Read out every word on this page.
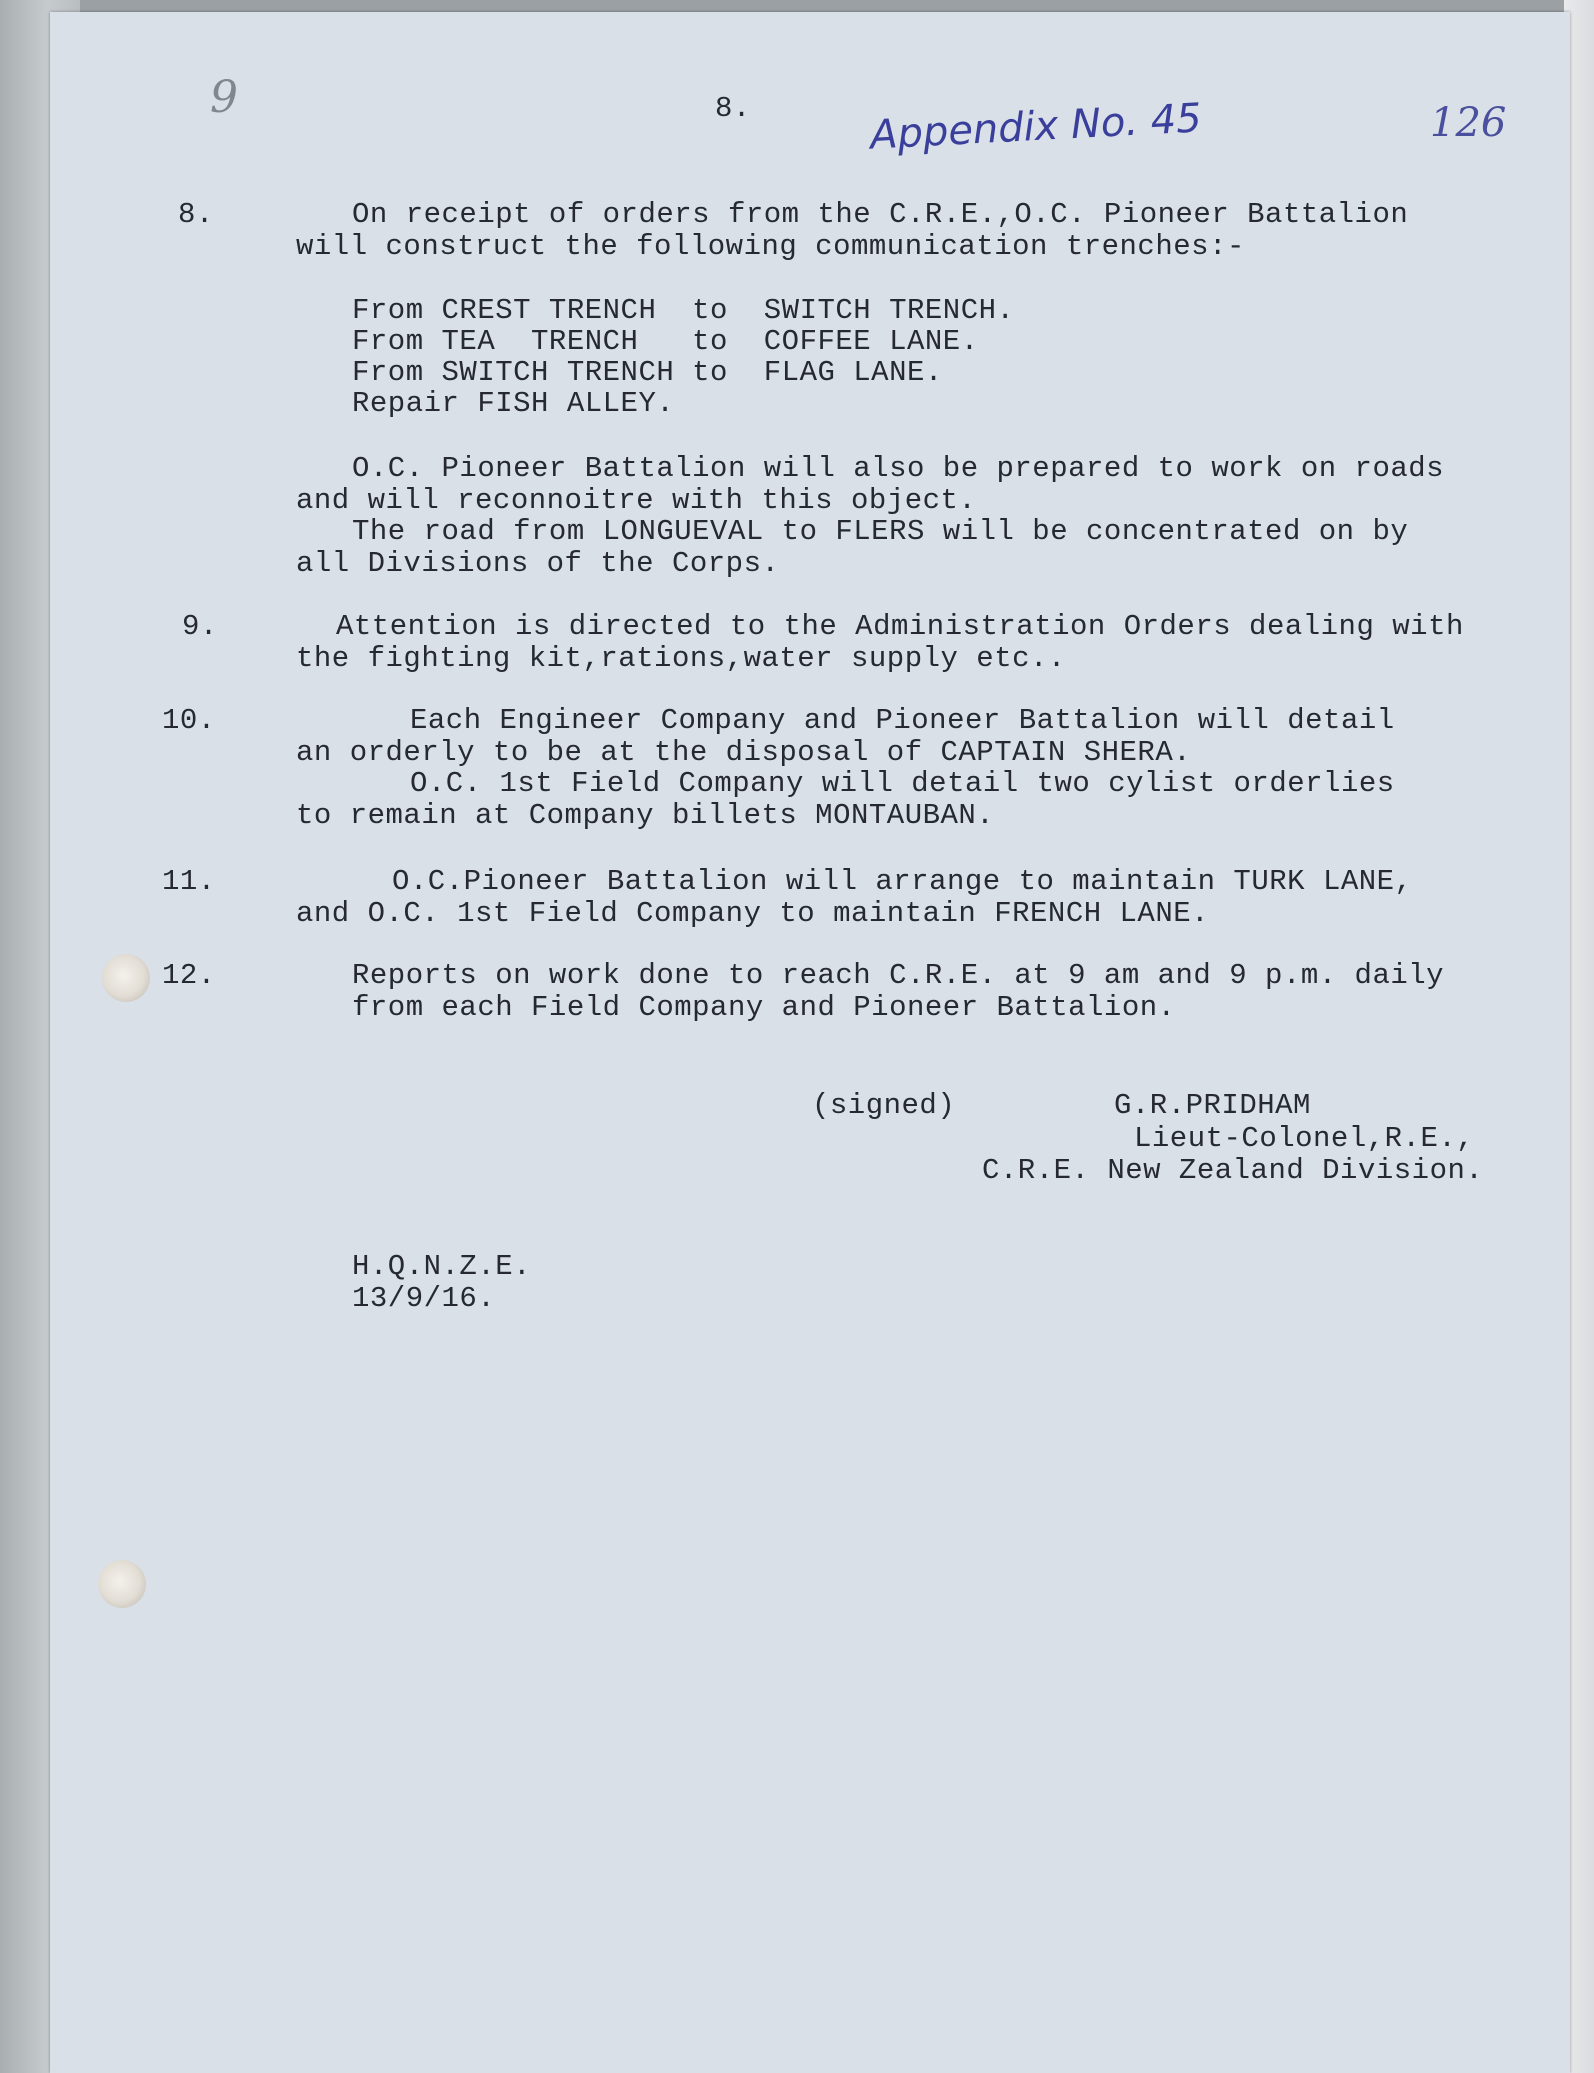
9	8.	Appendix No. 45	126
8.	On receipt of orders from the C.R.E.,O.C. Pioneer Battalion
will construct the following communication trenches:-
From CREST TRENCH  to  SWITCH TRENCH.
From TEA  TRENCH   to  COFFEE LANE.
From SWITCH TRENCH to  FLAG LANE.
Repair FISH ALLEY.
O.C. Pioneer Battalion will also be prepared to work on roads
and will reconnoitre with this object.
The road from LONGUEVAL to FLERS will be concentrated on by
all Divisions of the Corps.
9.	Attention is directed to the Administration Orders dealing with
the fighting kit,rations,water supply etc..
10.	Each Engineer Company and Pioneer Battalion will detail
an orderly to be at the disposal of CAPTAIN SHERA.
O.C. 1st Field Company will detail two cylist orderlies
to remain at Company billets MONTAUBAN.
11.	O.C.Pioneer Battalion will arrange to maintain TURK LANE,
and O.C. 1st Field Company to maintain FRENCH LANE.
12.	Reports on work done to reach C.R.E. at 9 am and 9 p.m. daily
from each Field Company and Pioneer Battalion.
(signed)	G.R.PRIDHAM
Lieut-Colonel,R.E.,
C.R.E. New Zealand Division.
H.Q.N.Z.E.
13/9/16.
